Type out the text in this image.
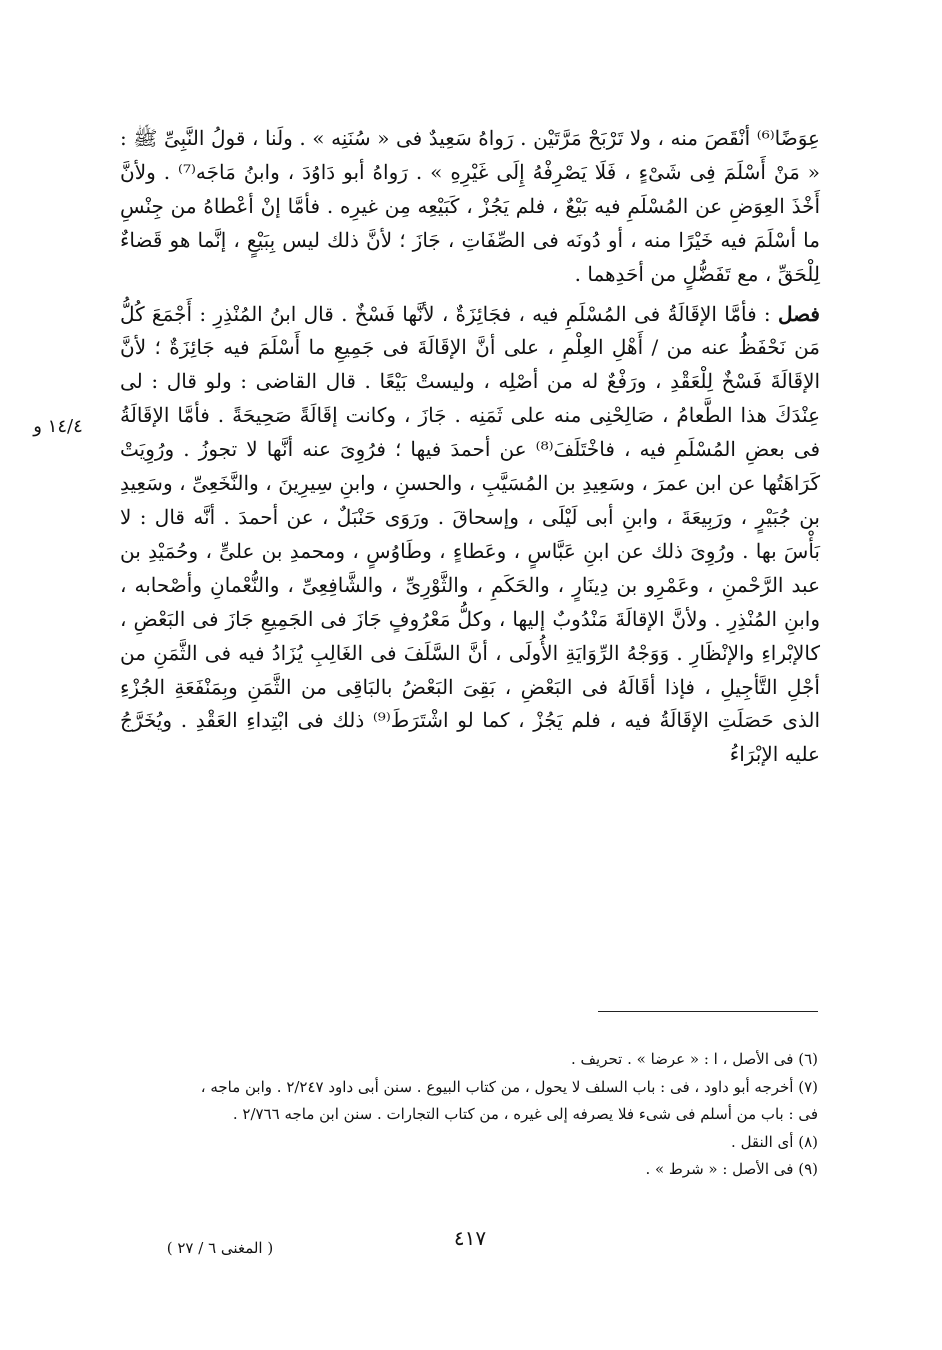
عِوَضًا⁽⁶⁾ أنْقَصَ منه ، ولا تَرْبَحْ مَرَّتَيْن . رَواهُ سَعِيدٌ فى « سُنَنِه » . ولَنا ، قولُ النَّبِىِّ ﷺ : « مَنْ أَسْلَمَ فِى شَىْءٍ ، فَلَا يَصْرِفْهُ إِلَى غَيْرِهِ » . رَواهُ أبو دَاوُدَ ، وابنُ مَاجَه⁽⁷⁾ . ولأنَّ أَخْذَ العِوَضِ عن المُسْلَمِ فيه بَيْعٌ ، فلم يَجُزْ ، كَبَيْعِه مِن غيرِه . فأمَّا إنْ أعْطاهُ من جِنْسِ ما أسْلَمَ فيه خَيْرًا منه ، أو دُونَه فى الصِّفَاتِ ، جَازَ ؛ لأنَّ ذلك ليس بِبَيْعٍ ، إنَّما هو قَضاءٌ لِلْحَقِّ ، مع تَفَضُّلٍ من أحَدِهما .

فصل : فأمَّا الإقَالَةُ فى المُسْلَمِ فيه ، فجَائِزَةٌ ، لأنَّها فَسْخٌ . قال ابنُ المُنْذِرِ : أَجْمَعَ كُلُّ مَن نَحْفَظُ عنه من / أَهْلِ العِلْمِ ، على أنَّ الإقَالَةَ فى جَمِيعِ ما أَسْلَمَ فيه جَائِزَةٌ ؛ لأنَّ الإقَالَةَ فَسْخٌ لِلْعَقْدِ ، ورَفْعٌ له من أصْلِه ، وليستْ بَيْعًا . قال القاضى : ولو قال : لى عِنْدَكَ هذا الطَّعامُ ، صَالِحْنِى منه على ثَمَنِه . جَازَ ، وكانت إقَالَةً صَحِيحَةً . فأمَّا الإقَالَةُ فى بعضِ المُسْلَمِ فيه ، فاخْتَلَفَ⁽⁸⁾ عن أحمدَ فيها ؛ فرُوِىَ عنه أنَّها لا تجوزُ . ورُوِيَتْ كَرَاهَتُها عن ابن عمرَ ، وسَعِيدِ بن المُسَيَّبِ ، والحسنِ ، وابنِ سِيرِينَ ، والنَّخَعِىِّ ، وسَعِيدِ بن جُبَيْرٍ ، ورَبِيعَةَ ، وابنِ أبى لَيْلَى ، وإسحاقَ . ورَوَى حَنْبَلٌ ، عن أحمدَ . أنَّه قال : لا بَأْسَ بها . ورُوِىَ ذلك عن ابنِ عَبَّاسٍ ، وعَطاءٍ ، وطَاوُسٍ ، ومحمدِ بن علىٍّ ، وحُمَيْدِ بن عبد الرَّحْمنِ ، وعَمْرِو بن دِينَارٍ ، والحَكَمِ ، والثَّوْرِىِّ ، والشَّافِعِىِّ ، والنُّعْمانِ وأصْحابه ، وابنِ المُنْذِرِ . ولأنَّ الإقالَةَ مَنْدُوبٌ إليها ، وكلُّ مَعْرُوفٍ جَازَ فى الجَمِيعِ جَازَ فى البَعْضِ ، كالإبْراءِ والإنْظَارِ . وَوَجْهُ الرِّوَايَةِ الأُولَى ، أنَّ السَّلَفَ فى الغَالِبِ يُزَادُ فيه فى الثَّمَنِ من أجْلِ التَّأجِيلِ ، فإذا أقَالَهُ فى البَعْضِ ، بَقِىَ البَعْضُ بالبَاقِى من الثَّمَنِ وبِمَنْفَعَةِ الجُزْءِ الذى حَصَلَتِ الإقَالَةُ فيه ، فلم يَجُزْ ، كما لو اشْتَرَطَ⁽⁹⁾ ذلك فى ابْتِداءِ العَقْدِ . ويُخَرَّجُ عليه الإبْرَاءُ

١٤/٤ و
(٦) فى الأصل ، ا : « عرضا » . تحريف .
(٧) أخرجه أبو داود ، فى : باب السلف لا يحول ، من كتاب البيوع . سنن أبى داود ٢/٢٤٧ . وابن ماجه ،
فى : باب من أسلم فى شىء فلا يصرفه إلى غيره ، من كتاب التجارات . سنن ابن ماجه ٢/٧٦٦ .
(٨) أى النقل .
(٩) فى الأصل : « شرط » .
٤١٧
( المغنى ٦ / ٢٧ )
